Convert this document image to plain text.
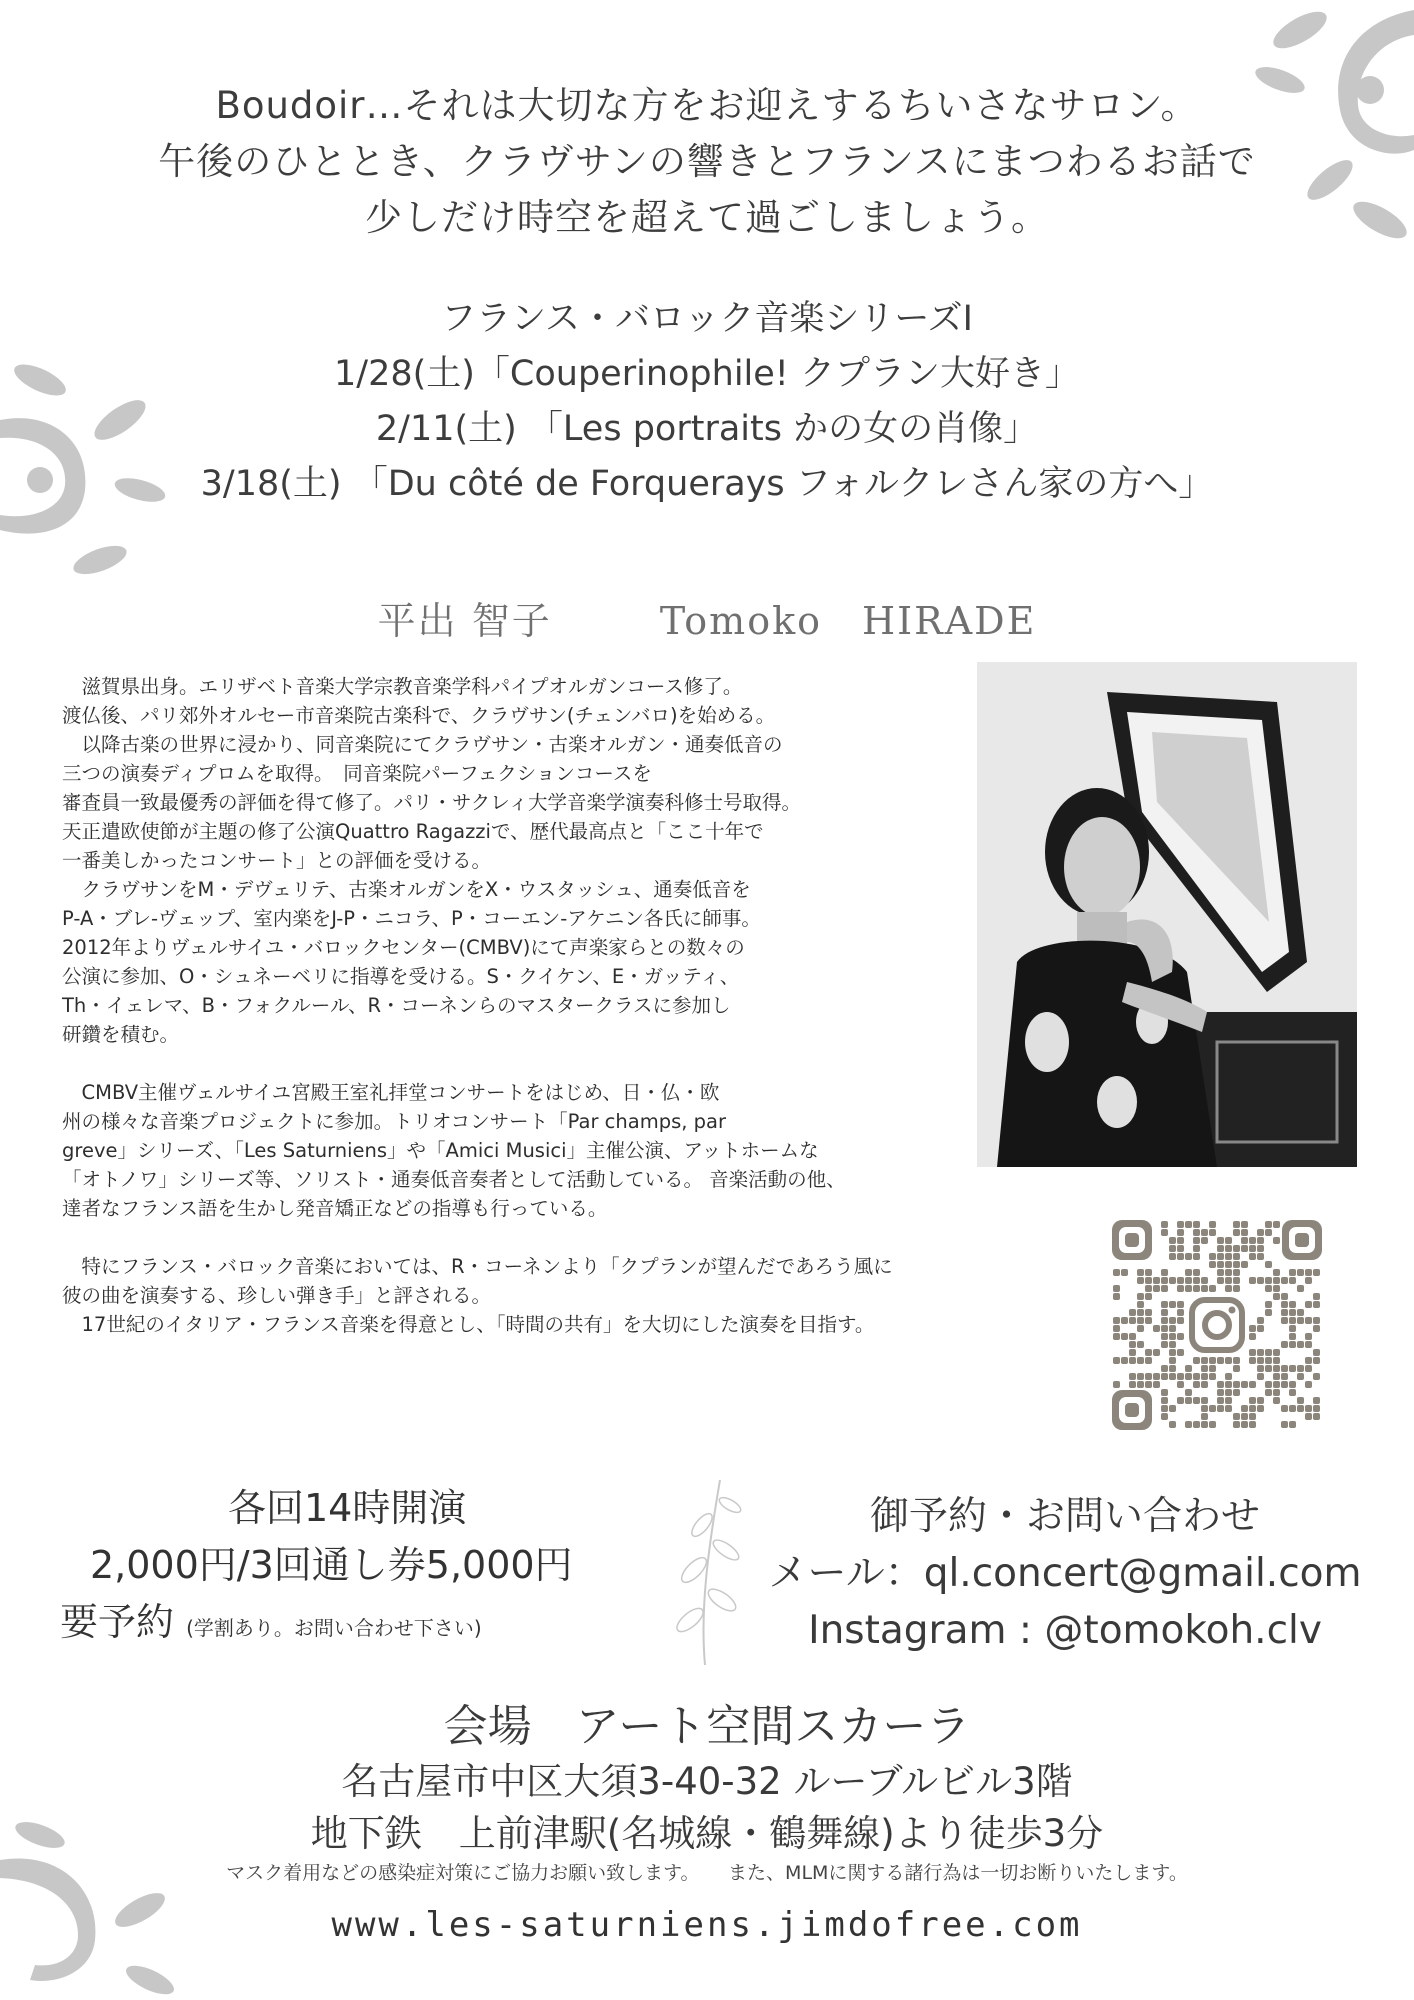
Boudoir…それは大切な方をお迎えするちいさなサロン。
午後のひととき、クラヴサンの響きとフランスにまつわるお話で
少しだけ時空を超えて過ごしましょう。
フランス・バロック音楽シリーズⅠ
1/28(土)「Couperinophile! クプラン大好き」
2/11(土) 「Les portraits かの女の肖像」
3/18(土) 「Du côté de Forquerays フォルクレさん家の方へ」
平出 智子	Tomoko　HIRADE

　滋賀県出身。エリザベト音楽大学宗教音楽学科パイプオルガンコース修了。

渡仏後、パリ郊外オルセー市音楽院古楽科で、クラヴサン(チェンバロ)を始める。

　以降古楽の世界に浸かり、同音楽院にてクラヴサン・古楽オルガン・通奏低音の

三つの演奏ディプロムを取得。　同音楽院パーフェクションコースを

審査員一致最優秀の評価を得て修了。パリ・サクレィ大学音楽学演奏科修士号取得。

天正遣欧使節が主題の修了公演Quattro Ragazziで、歴代最高点と「ここ十年で

一番美しかったコンサート」との評価を受ける。

　クラヴサンをM・デヴェリテ、古楽オルガンをX・ウスタッシュ、通奏低音を

P-A・ブレ-ヴェップ、室内楽をJ-P・ニコラ、P・コーエン-アケニン各氏に師事。

2012年よりヴェルサイユ・バロックセンター(CMBV)にて声楽家らとの数々の

公演に参加、O・シュネーベリに指導を受ける。S・クイケン、E・ガッティ、

Th・イェレマ、B・フォクルール、R・コーネンらのマスタークラスに参加し

研鑽を積む。

　CMBV主催ヴェルサイユ宮殿王室礼拝堂コンサートをはじめ、日・仏・欧

州の様々な音楽プロジェクトに参加。トリオコンサート「Par champs, par

greve」シリーズ、「Les Saturniens」や「Amici Musici」主催公演、アットホームな

「オトノワ」シリーズ等、ソリスト・通奏低音奏者として活動している。 音楽活動の他、

達者なフランス語を生かし発音矯正などの指導も行っている。

　特にフランス・バロック音楽においては、R・コーネンより「クプランが望んだであろう風に

彼の曲を演奏する、珍しい弾き手」と評される。

　17世紀のイタリア・フランス音楽を得意とし、「時間の共有」を大切にした演奏を目指す。

各回14時開演
2,000円/3回通し券5,000円
要予約 (学割あり。お問い合わせ下さい)
御予約・お問い合わせ
メール：ql.concert@gmail.com
Instagram : @tomokoh.clv
会場　アート空間スカーラ
名古屋市中区大須3-40-32 ルーブルビル3階
地下鉄　上前津駅(名城線・鶴舞線)より徒歩3分
マスク着用などの感染症対策にご協力お願い致します。　　また、MLMに関する諸行為は一切お断りいたします。
www.les-saturniens.jimdofree.com
